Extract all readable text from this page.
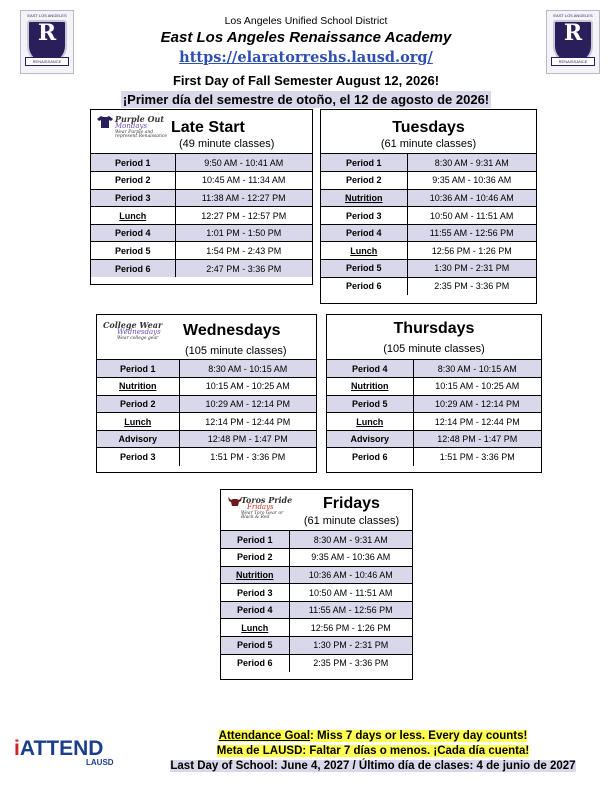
EAST LOS ANGELES
R
RENAISSANCE
EAST LOS ANGELES
R
RENAISSANCE
Los Angeles Unified School District
East Los Angeles Renaissance Academy
https://elaratorreshs.lausd.org/
First Day of Fall Semester August 12, 2026!
¡Primer día del semestre de otoño, el 12 de agosto de 2026!
Purple Out
Mondays
Wear Purple and represent Renaissance
Late Start
(49 minute classes)
Period 1	9:50 AM - 10:41 AM
Period 2	10:45 AM - 11:34 AM
Period 3	11:38 AM - 12:27 PM
Lunch	12:27 PM - 12:57 PM
Period 4	1:01 PM - 1:50 PM
Period 5	1:54 PM - 2:43 PM
Period 6	2:47 PM - 3:36 PM
Tuesdays
(61 minute classes)
Period 1	8:30 AM - 9:31 AM
Period 2	9:35 AM - 10:36 AM
Nutrition	10:36 AM - 10:46 AM
Period 3	10:50 AM - 11:51 AM
Period 4	11:55 AM - 12:56 PM
Lunch	12:56 PM - 1:26 PM
Period 5	1:30 PM - 2:31 PM
Period 6	2:35 PM - 3:36 PM
College Wear
Wednesdays
Wear college gear Wednesdays
(105 minute classes)
Period 1	8:30 AM - 10:15 AM
Nutrition	10:15 AM - 10:25 AM
Period 2	10:29 AM - 12:14 PM
Lunch	12:14 PM - 12:44 PM
Advisory	12:48 PM - 1:47 PM
Period 3	1:51 PM - 3:36 PM
Thursdays
(105 minute classes)
Period 4	8:30 AM - 10:15 AM
Nutrition	10:15 AM - 10:25 AM
Period 5	10:29 AM - 12:14 PM
Lunch	12:14 PM - 12:44 PM
Advisory	12:48 PM - 1:47 PM
Period 6	1:51 PM - 3:36 PM
Toros Pride
Fridays
Wear Toro Gear or Black & Red
Fridays
(61 minute classes)
Period 1	8:30 AM - 9:31 AM
Period 2	9:35 AM - 10:36 AM
Nutrition	10:36 AM - 10:46 AM
Period 3	10:50 AM - 11:51 AM
Period 4	11:55 AM - 12:56 PM
Lunch	12:56 PM - 1:26 PM
Period 5	1:30 PM - 2:31 PM
Period 6	2:35 PM - 3:36 PM
iATTEND
LAUSD
Attendance Goal: Miss 7 days or less. Every day counts!
Meta de LAUSD: Faltar 7 días o menos. ¡Cada día cuenta!
Last Day of School: June 4, 2027 / Último día de clases: 4 de junio de 2027
